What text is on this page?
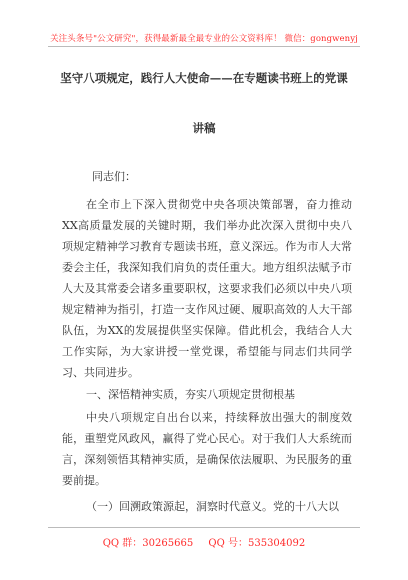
关注头条号"公文研究"，获得最新最全最专业的公文资料库！ 微信：gongwenyj
坚守八项规定，践行人大使命——在专题读书班上的党课
讲稿
同志们：

在全市上下深入贯彻党中央各项决策部署，奋力推动XX高质量发展的关键时期，我们举办此次深入贯彻中央八项规定精神学习教育专题读书班，意义深远。作为市人大常委会主任，我深知我们肩负的责任重大。地方组织法赋予市人大及其常委会诸多重要职权，这要求我们必须以中央八项规定精神为指引，打造一支作风过硬、履职高效的人大干部队伍，为XX的发展提供坚实保障。借此机会，我结合人大工作实际，为大家讲授一堂党课，希望能与同志们共同学习、共同进步。

一、深悟精神实质，夯实八项规定贯彻根基

中央八项规定自出台以来，持续释放出强大的制度效能，重塑党风政风，赢得了党心民心。对于我们人大系统而言，深刻领悟其精神实质，是确保依法履职、为民服务的重要前提。

（一）回溯政策源起，洞察时代意义。党的十八大以

QQ 群：30265665 QQ 号：535304092
